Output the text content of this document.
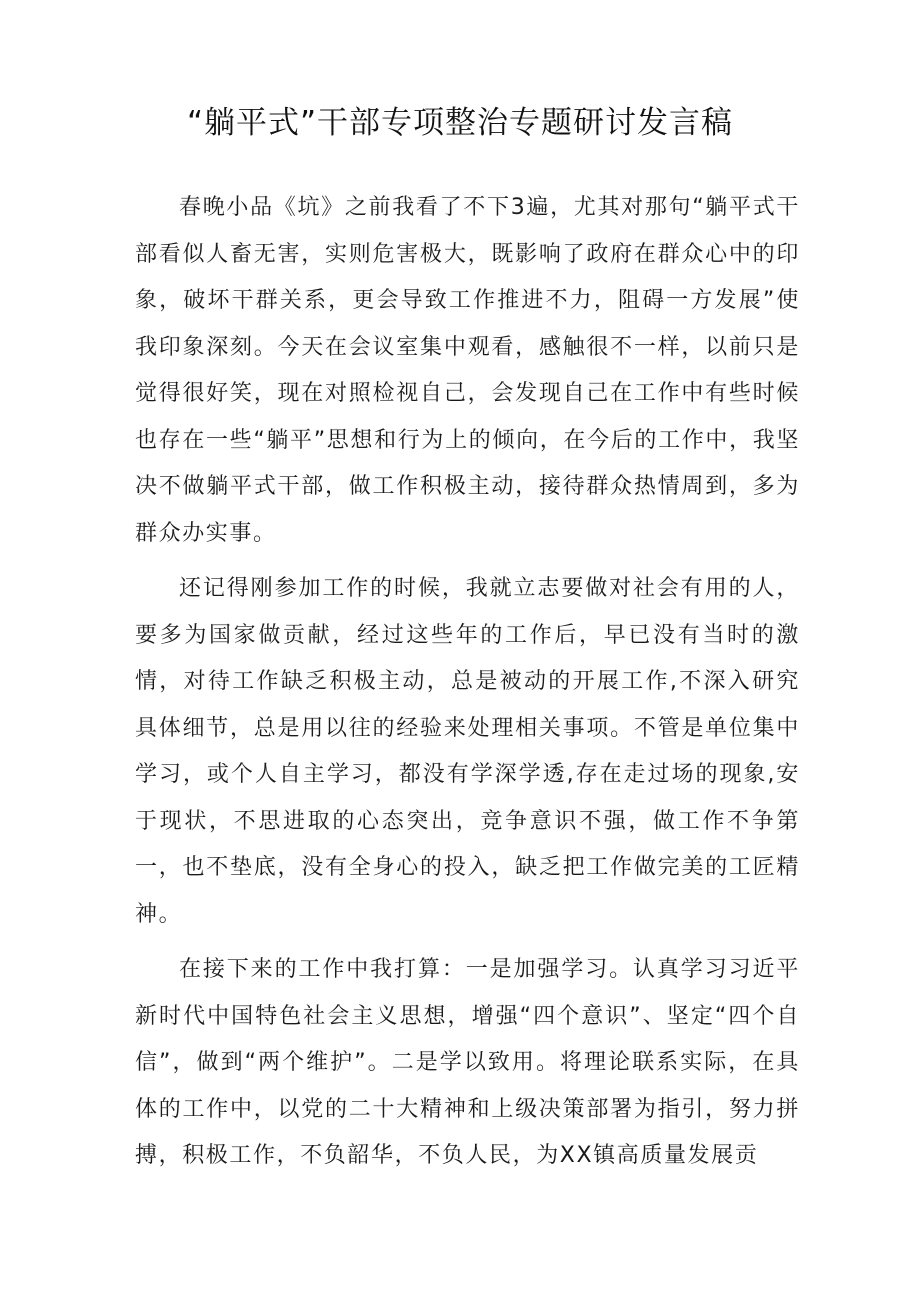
“躺平式”干部专项整治专题研讨发言稿

春晚小品《坑》之前我看了不下3遍，尤其对那句“躺平式干部看似人畜无害，实则危害极大，既影响了政府在群众心中的印象，破坏干群关系，更会导致工作推进不力，阻碍一方发展”使我印象深刻。今天在会议室集中观看，感触很不一样，以前只是觉得很好笑，现在对照检视自己，会发现自己在工作中有些时候也存在一些“躺平”思想和行为上的倾向，在今后的工作中，我坚决不做躺平式干部，做工作积极主动，接待群众热情周到，多为群众办实事。

还记得刚参加工作的时候，我就立志要做对社会有用的人，要多为国家做贡献，经过这些年的工作后，早已没有当时的激情，对待工作缺乏积极主动，总是被动的开展工作,不深入研究具体细节，总是用以往的经验来处理相关事项。不管是单位集中学习，或个人自主学习，都没有学深学透,存在走过场的现象,安于现状，不思进取的心态突出，竞争意识不强，做工作不争第一，也不垫底，没有全身心的投入，缺乏把工作做完美的工匠精神。

在接下来的工作中我打算：一是加强学习。认真学习习近平新时代中国特色社会主义思想，增强“四个意识”、坚定“四个自信”，做到“两个维护”。二是学以致用。将理论联系实际，在具体的工作中，以党的二十大精神和上级决策部署为指引，努力拼搏，积极工作，不负韶华，不负人民，为XX镇高质量发展贡
